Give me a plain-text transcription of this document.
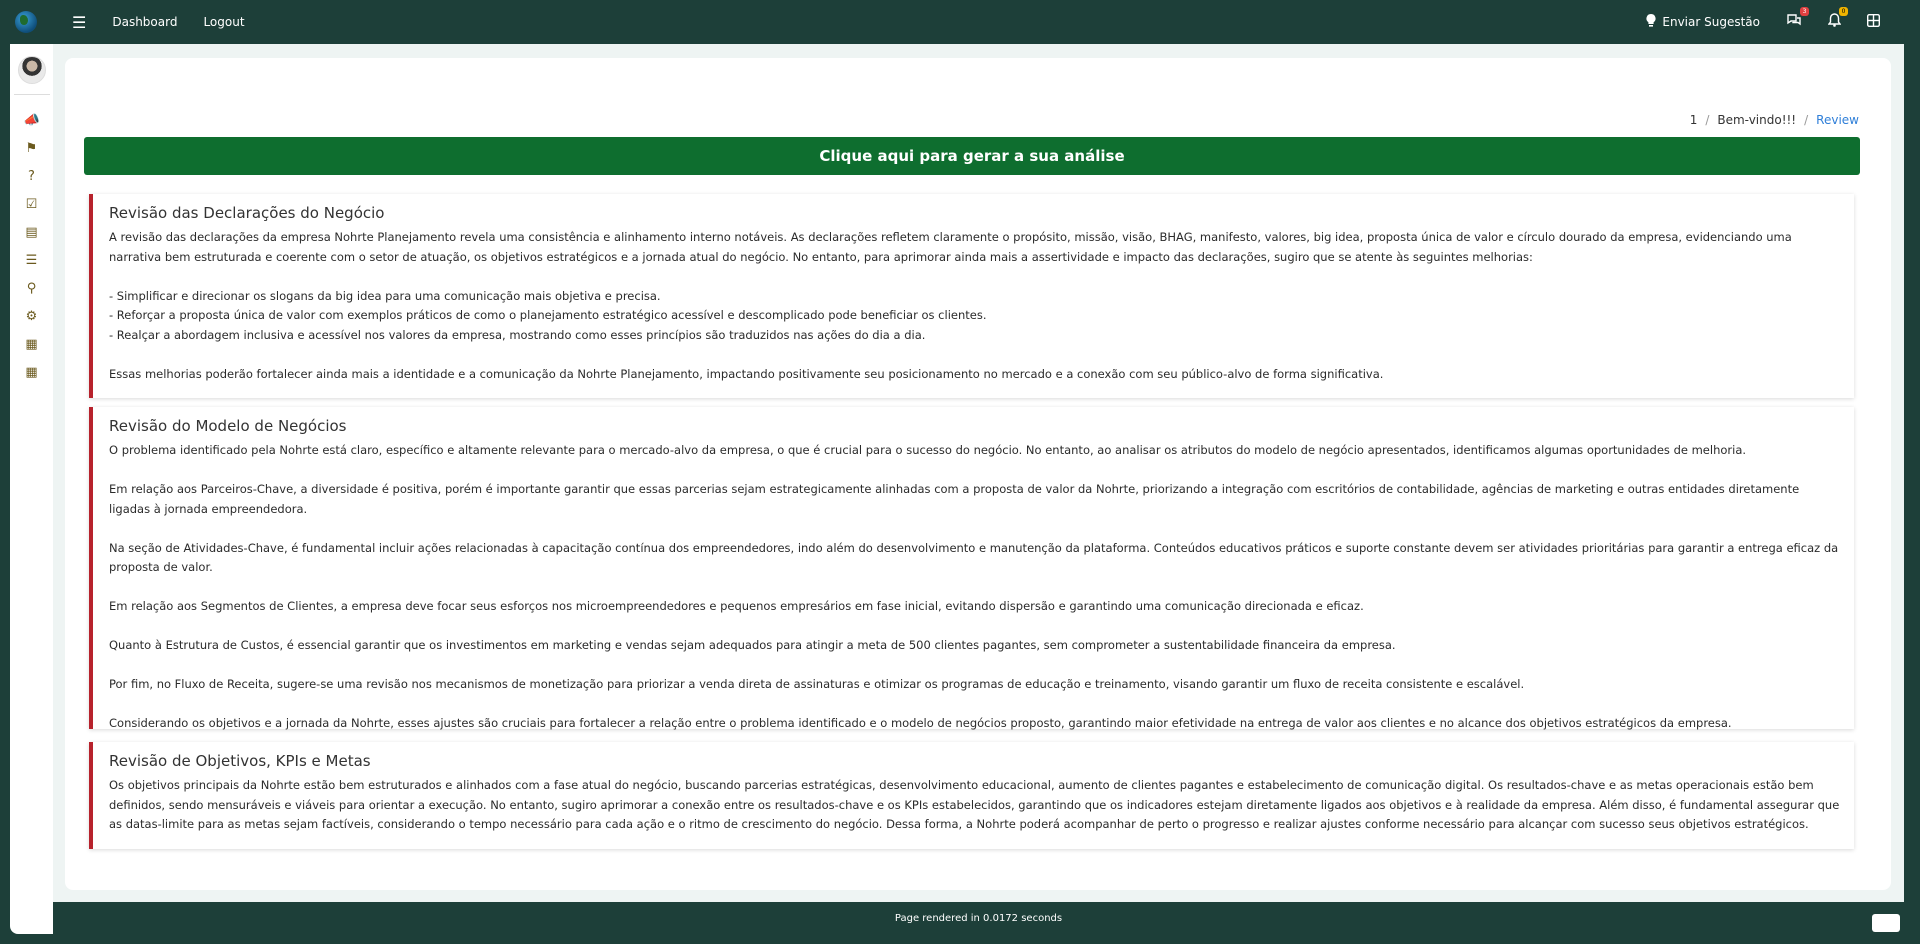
☰ Dashboard Logout	Enviar Sugestão
3	0
📣
⚑
?
☑
▤
☰
⚲
⚙
▦
▦
1 / Bem-vindo!!! / Review
Clique aqui para gerar a sua análise
Revisão das Declarações do Negócio

A revisão das declarações da empresa Nohrte Planejamento revela uma consistência e alinhamento interno notáveis. As declarações refletem claramente o propósito, missão, visão, BHAG, manifesto, valores, big idea, proposta única de valor e círculo dourado da empresa, evidenciando uma narrativa bem estruturada e coerente com o setor de atuação, os objetivos estratégicos e a jornada atual do negócio. No entanto, para aprimorar ainda mais a assertividade e impacto das declarações, sugiro que se atente às seguintes melhorias:

- Simplificar e direcionar os slogans da big idea para uma comunicação mais objetiva e precisa.

- Reforçar a proposta única de valor com exemplos práticos de como o planejamento estratégico acessível e descomplicado pode beneficiar os clientes.

- Realçar a abordagem inclusiva e acessível nos valores da empresa, mostrando como esses princípios são traduzidos nas ações do dia a dia.

Essas melhorias poderão fortalecer ainda mais a identidade e a comunicação da Nohrte Planejamento, impactando positivamente seu posicionamento no mercado e a conexão com seu público-alvo de forma significativa.

Revisão do Modelo de Negócios

O problema identificado pela Nohrte está claro, específico e altamente relevante para o mercado-alvo da empresa, o que é crucial para o sucesso do negócio. No entanto, ao analisar os atributos do modelo de negócio apresentados, identificamos algumas oportunidades de melhoria.

Em relação aos Parceiros-Chave, a diversidade é positiva, porém é importante garantir que essas parcerias sejam estrategicamente alinhadas com a proposta de valor da Nohrte, priorizando a integração com escritórios de contabilidade, agências de marketing e outras entidades diretamente ligadas à jornada empreendedora.

Na seção de Atividades-Chave, é fundamental incluir ações relacionadas à capacitação contínua dos empreendedores, indo além do desenvolvimento e manutenção da plataforma. Conteúdos educativos práticos e suporte constante devem ser atividades prioritárias para garantir a entrega eficaz da proposta de valor.

Em relação aos Segmentos de Clientes, a empresa deve focar seus esforços nos microempreendedores e pequenos empresários em fase inicial, evitando dispersão e garantindo uma comunicação direcionada e eficaz.

Quanto à Estrutura de Custos, é essencial garantir que os investimentos em marketing e vendas sejam adequados para atingir a meta de 500 clientes pagantes, sem comprometer a sustentabilidade financeira da empresa.

Por fim, no Fluxo de Receita, sugere-se uma revisão nos mecanismos de monetização para priorizar a venda direta de assinaturas e otimizar os programas de educação e treinamento, visando garantir um fluxo de receita consistente e escalável.

Considerando os objetivos e a jornada da Nohrte, esses ajustes são cruciais para fortalecer a relação entre o problema identificado e o modelo de negócios proposto, garantindo maior efetividade na entrega de valor aos clientes e no alcance dos objetivos estratégicos da empresa.

Revisão de Objetivos, KPIs e Metas

Os objetivos principais da Nohrte estão bem estruturados e alinhados com a fase atual do negócio, buscando parcerias estratégicas, desenvolvimento educacional, aumento de clientes pagantes e estabelecimento de comunicação digital. Os resultados-chave e as metas operacionais estão bem definidos, sendo mensuráveis e viáveis para orientar a execução. No entanto, sugiro aprimorar a conexão entre os resultados-chave e os KPIs estabelecidos, garantindo que os indicadores estejam diretamente ligados aos objetivos e à realidade da empresa. Além disso, é fundamental assegurar que as datas-limite para as metas sejam factíveis, considerando o tempo necessário para cada ação e o ritmo de crescimento do negócio. Dessa forma, a Nohrte poderá acompanhar de perto o progresso e realizar ajustes conforme necessário para alcançar com sucesso seus objetivos estratégicos.

Page rendered in 0.0172 seconds
